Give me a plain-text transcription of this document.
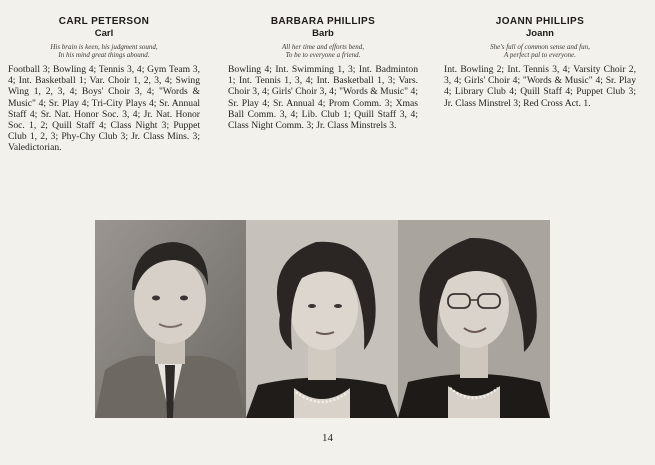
CARL PETERSON
Carl
His brain is keen, his judgment sound,
In his mind great things abound.
Football 3; Bowling 4; Tennis 3, 4; Gym Team 3, 4; Int. Basketball 1; Var. Choir 1, 2, 3, 4; Swing Wing 1, 2, 3, 4; Boys' Choir 3, 4; "Words & Music" 4; Sr. Play 4; Tri-City Plays 4; Sr. Annual Staff 4; Sr. Nat. Honor Soc. 3, 4; Jr. Nat. Honor Soc. 1, 2; Quill Staff 4; Class Night 3; Puppet Club 1, 2, 3; Phy-Chy Club 3; Jr. Class Mins. 3; Valedictorian.
BARBARA PHILLIPS
Barb
All her time and efforts bend,
To be to everyone a friend.
Bowling 4; Int. Swimming 1, 3; Int. Badminton 1; Int. Tennis 1, 3, 4; Int. Basketball 1, 3; Vars. Choir 3, 4; Girls' Choir 3, 4; "Words & Music" 4; Sr. Play 4; Sr. Annual 4; Prom Comm. 3; Xmas Ball Comm. 3, 4; Lib. Club 1; Quill Staff 3, 4; Class Night Comm. 3; Jr. Class Minstrels 3.
JOANN PHILLIPS
Joann
She's full of common sense and fun,
A perfect pal to everyone.
Int. Bowling 2; Int. Tennis 3, 4; Varsity Choir 2, 3, 4; Girls' Choir 4; "Words & Music" 4; Sr. Play 4; Library Club 4; Quill Staff 4; Puppet Club 3; Jr. Class Minstrel 3; Red Cross Act. 1.
14
